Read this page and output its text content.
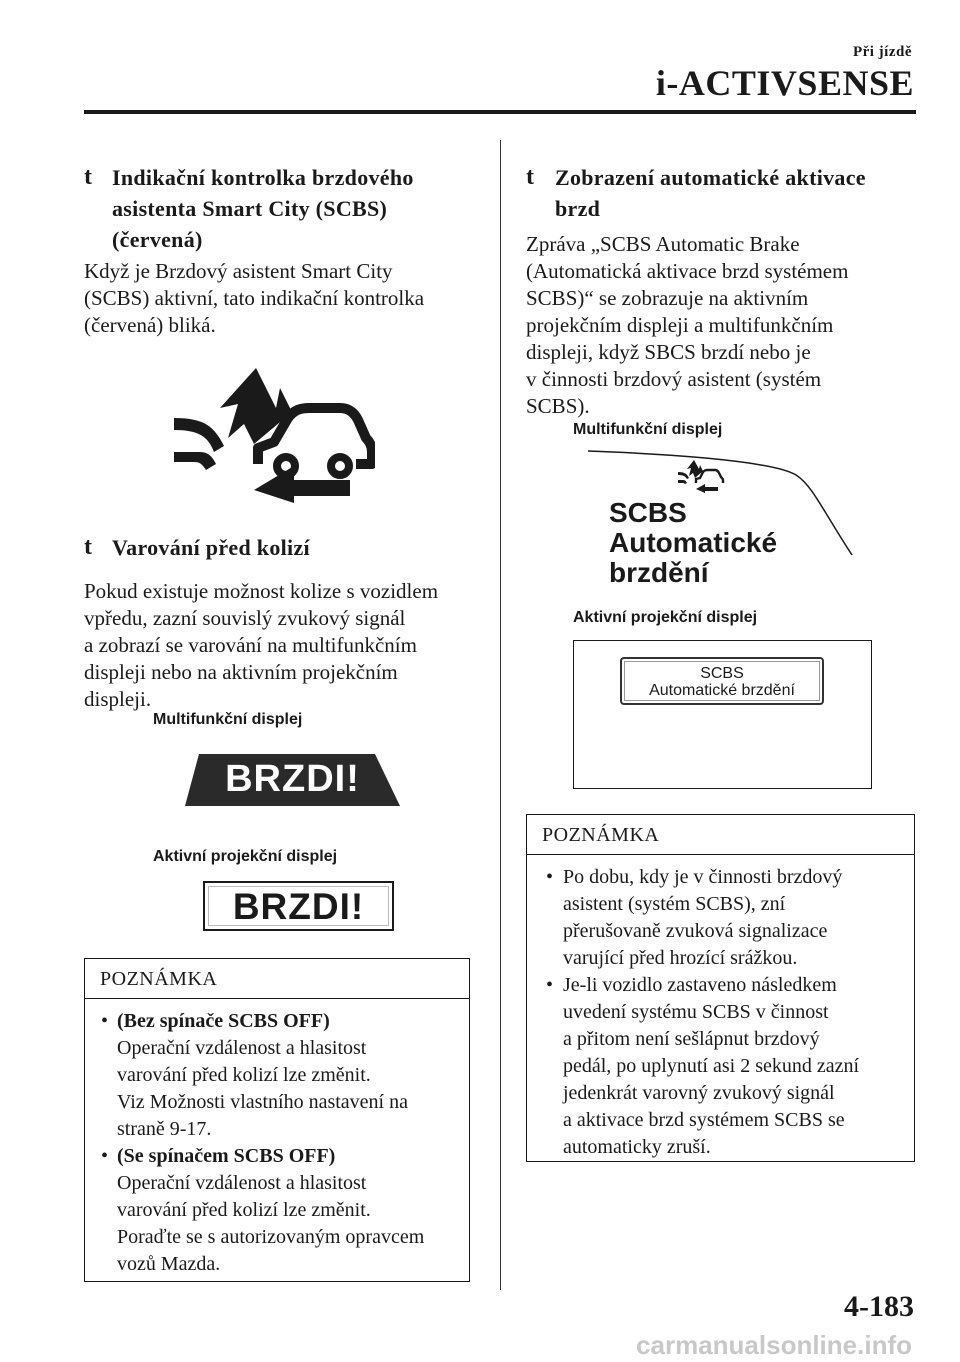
Při jízdě
i-ACTIVSENSE
t Indikační kontrolka brzdového
asistenta Smart City (SCBS)
(červená)
Když je Brzdový asistent Smart City
(SCBS) aktivní, tato indikační kontrolka
(červená) bliká.
t Varování před kolizí
Pokud existuje možnost kolize s vozidlem
vpředu, zazní souvislý zvukový signál
a zobrazí se varování na multifunkčním
displeji nebo na aktivním projekčním
displeji.
Multifunkční displej
BRZDI!
Aktivní projekční displej
BRZDI!
POZNÁMKA
• (Bez spínače SCBS OFF)
Operační vzdálenost a hlasitost
varování před kolizí lze změnit.
Viz Možnosti vlastního nastavení na
straně 9-17.
• (Se spínačem SCBS OFF)
Operační vzdálenost a hlasitost
varování před kolizí lze změnit.
Poraďte se s autorizovaným opravcem
vozů Mazda.
t Zobrazení automatické aktivace
brzd
Zpráva „SCBS Automatic Brake
(Automatická aktivace brzd systémem
SCBS)“ se zobrazuje na aktivním
projekčním displeji a multifunkčním
displeji, když SBCS brzdí nebo je
v činnosti brzdový asistent (systém
SCBS).
Multifunkční displej
SCBS
Automatické
brzdění
Aktivní projekční displej
SCBS
Automatické brzdění
POZNÁMKA
• Po dobu, kdy je v činnosti brzdový
asistent (systém SCBS), zní
přerušovaně zvuková signalizace
varující před hrozící srážkou.
• Je-li vozidlo zastaveno následkem
uvedení systému SCBS v činnost
a přitom není sešlápnut brzdový
pedál, po uplynutí asi 2 sekund zazní
jedenkrát varovný zvukový signál
a aktivace brzd systémem SCBS se
automaticky zruší.
4-183
carmanualsonline.info
